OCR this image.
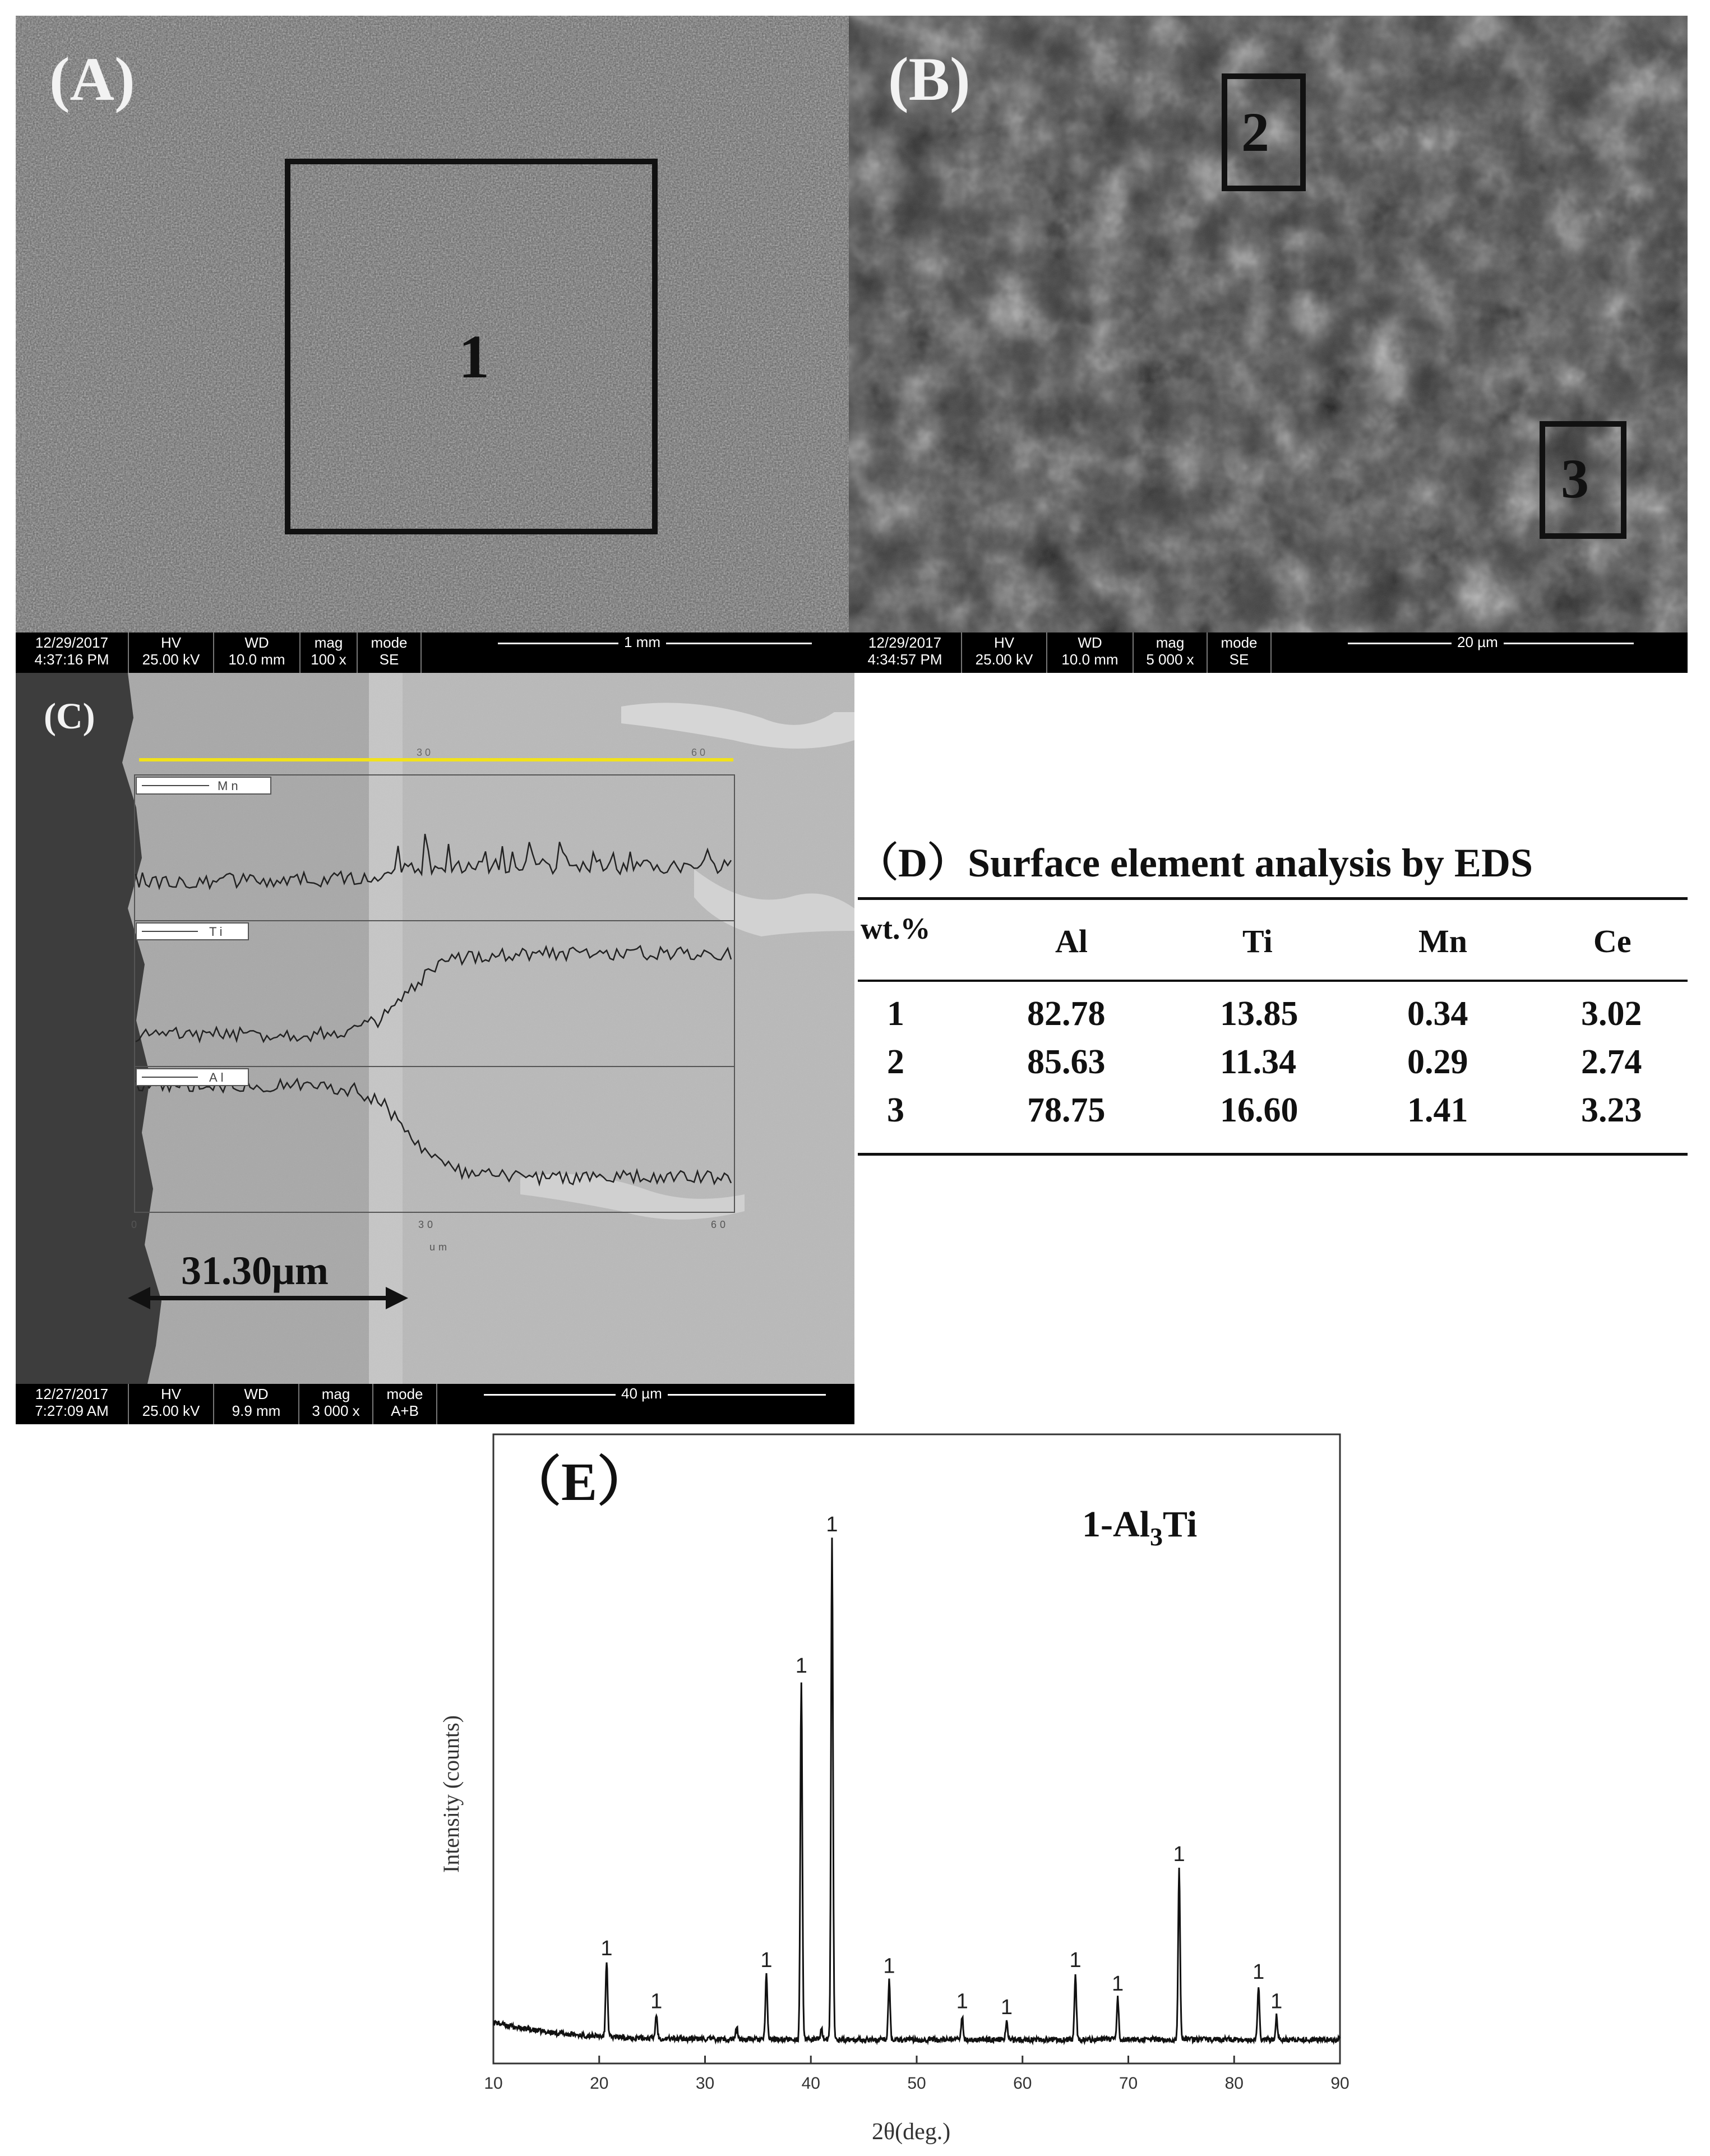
(A)
1
12/29/2017
4:37:16 PM
HV
25.00 kV
WD
10.0 mm
mag
100 x
mode
SE
1 mm
(B)
2
3
12/29/2017
4:34:57 PM
HV
25.00 kV
WD
10.0 mm
mag
5 000 x
mode
SE
20 µm
(C)
3 0	6 0
Mn
Ti
Al
0	30	60
um
31.30μm
12/27/2017
7:27:09 AM
HV
25.00 kV
WD
9.9 mm
mag
3 000 x
mode
A+B
40 µm
（D）Surface element analysis by EDS
wt.%	Al	Ti	Mn	Ce
1	82.78	13.85	0.34	3.02
2	85.63	11.34	0.29	2.74
3	78.75	16.60	1.41	3.23
10	20	30	40	50	60	70	80	90
1
1
1
1
1
1
1 1
1
1
1
1
1
（E）
$1-Al_3Ti$
Intensity (counts)
2θ(deg.)
